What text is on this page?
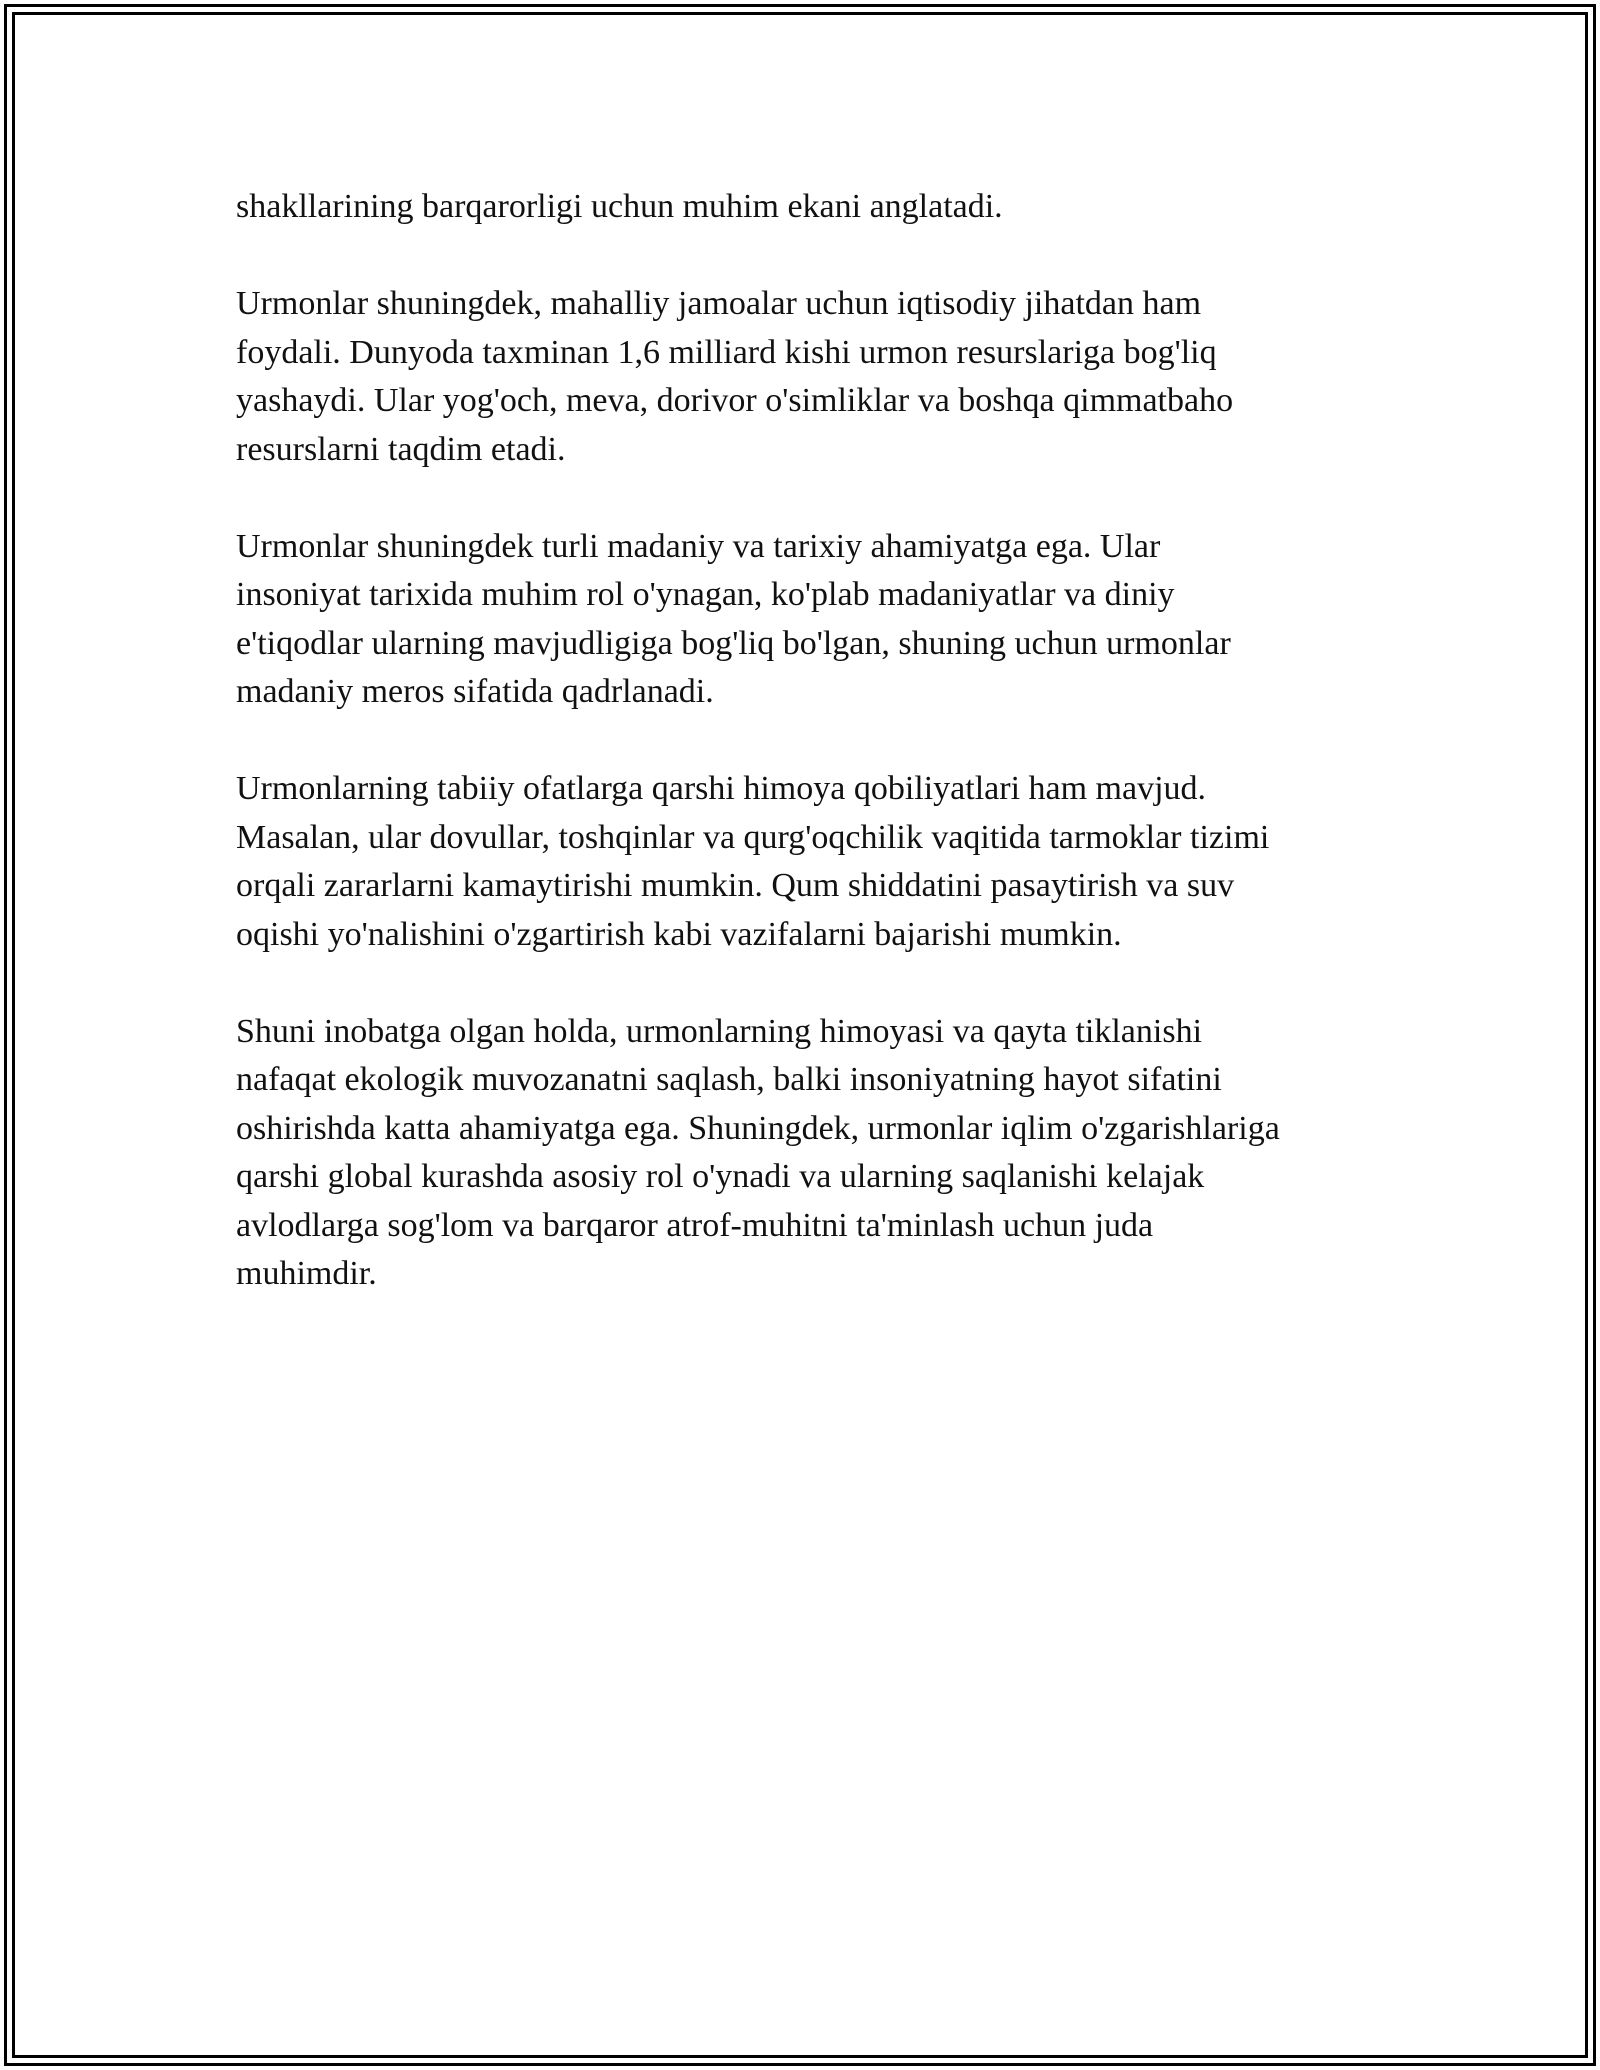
shakllarining barqarorligi uchun muhim ekani anglatadi.

Urmonlar shuningdek, mahalliy jamoalar uchun iqtisodiy jihatdan ham
foydali. Dunyoda taxminan 1,6 milliard kishi urmon resurslariga bog'liq
yashaydi. Ular yog'och, meva, dorivor o'simliklar va boshqa qimmatbaho
resurslarni taqdim etadi.

Urmonlar shuningdek turli madaniy va tarixiy ahamiyatga ega. Ular
insoniyat tarixida muhim rol o'ynagan, ko'plab madaniyatlar va diniy
e'tiqodlar ularning mavjudligiga bog'liq bo'lgan, shuning uchun urmonlar
madaniy meros sifatida qadrlanadi.

Urmonlarning tabiiy ofatlarga qarshi himoya qobiliyatlari ham mavjud.
Masalan, ular dovullar, toshqinlar va qurg'oqchilik vaqitida tarmoklar tizimi
orqali zararlarni kamaytirishi mumkin. Qum shiddatini pasaytirish va suv
oqishi yo'nalishini o'zgartirish kabi vazifalarni bajarishi mumkin.

Shuni inobatga olgan holda, urmonlarning himoyasi va qayta tiklanishi
nafaqat ekologik muvozanatni saqlash, balki insoniyatning hayot sifatini
oshirishda katta ahamiyatga ega. Shuningdek, urmonlar iqlim o'zgarishlariga
qarshi global kurashda asosiy rol o'ynadi va ularning saqlanishi kelajak
avlodlarga sog'lom va barqaror atrof-muhitni ta'minlash uchun juda
muhimdir.
